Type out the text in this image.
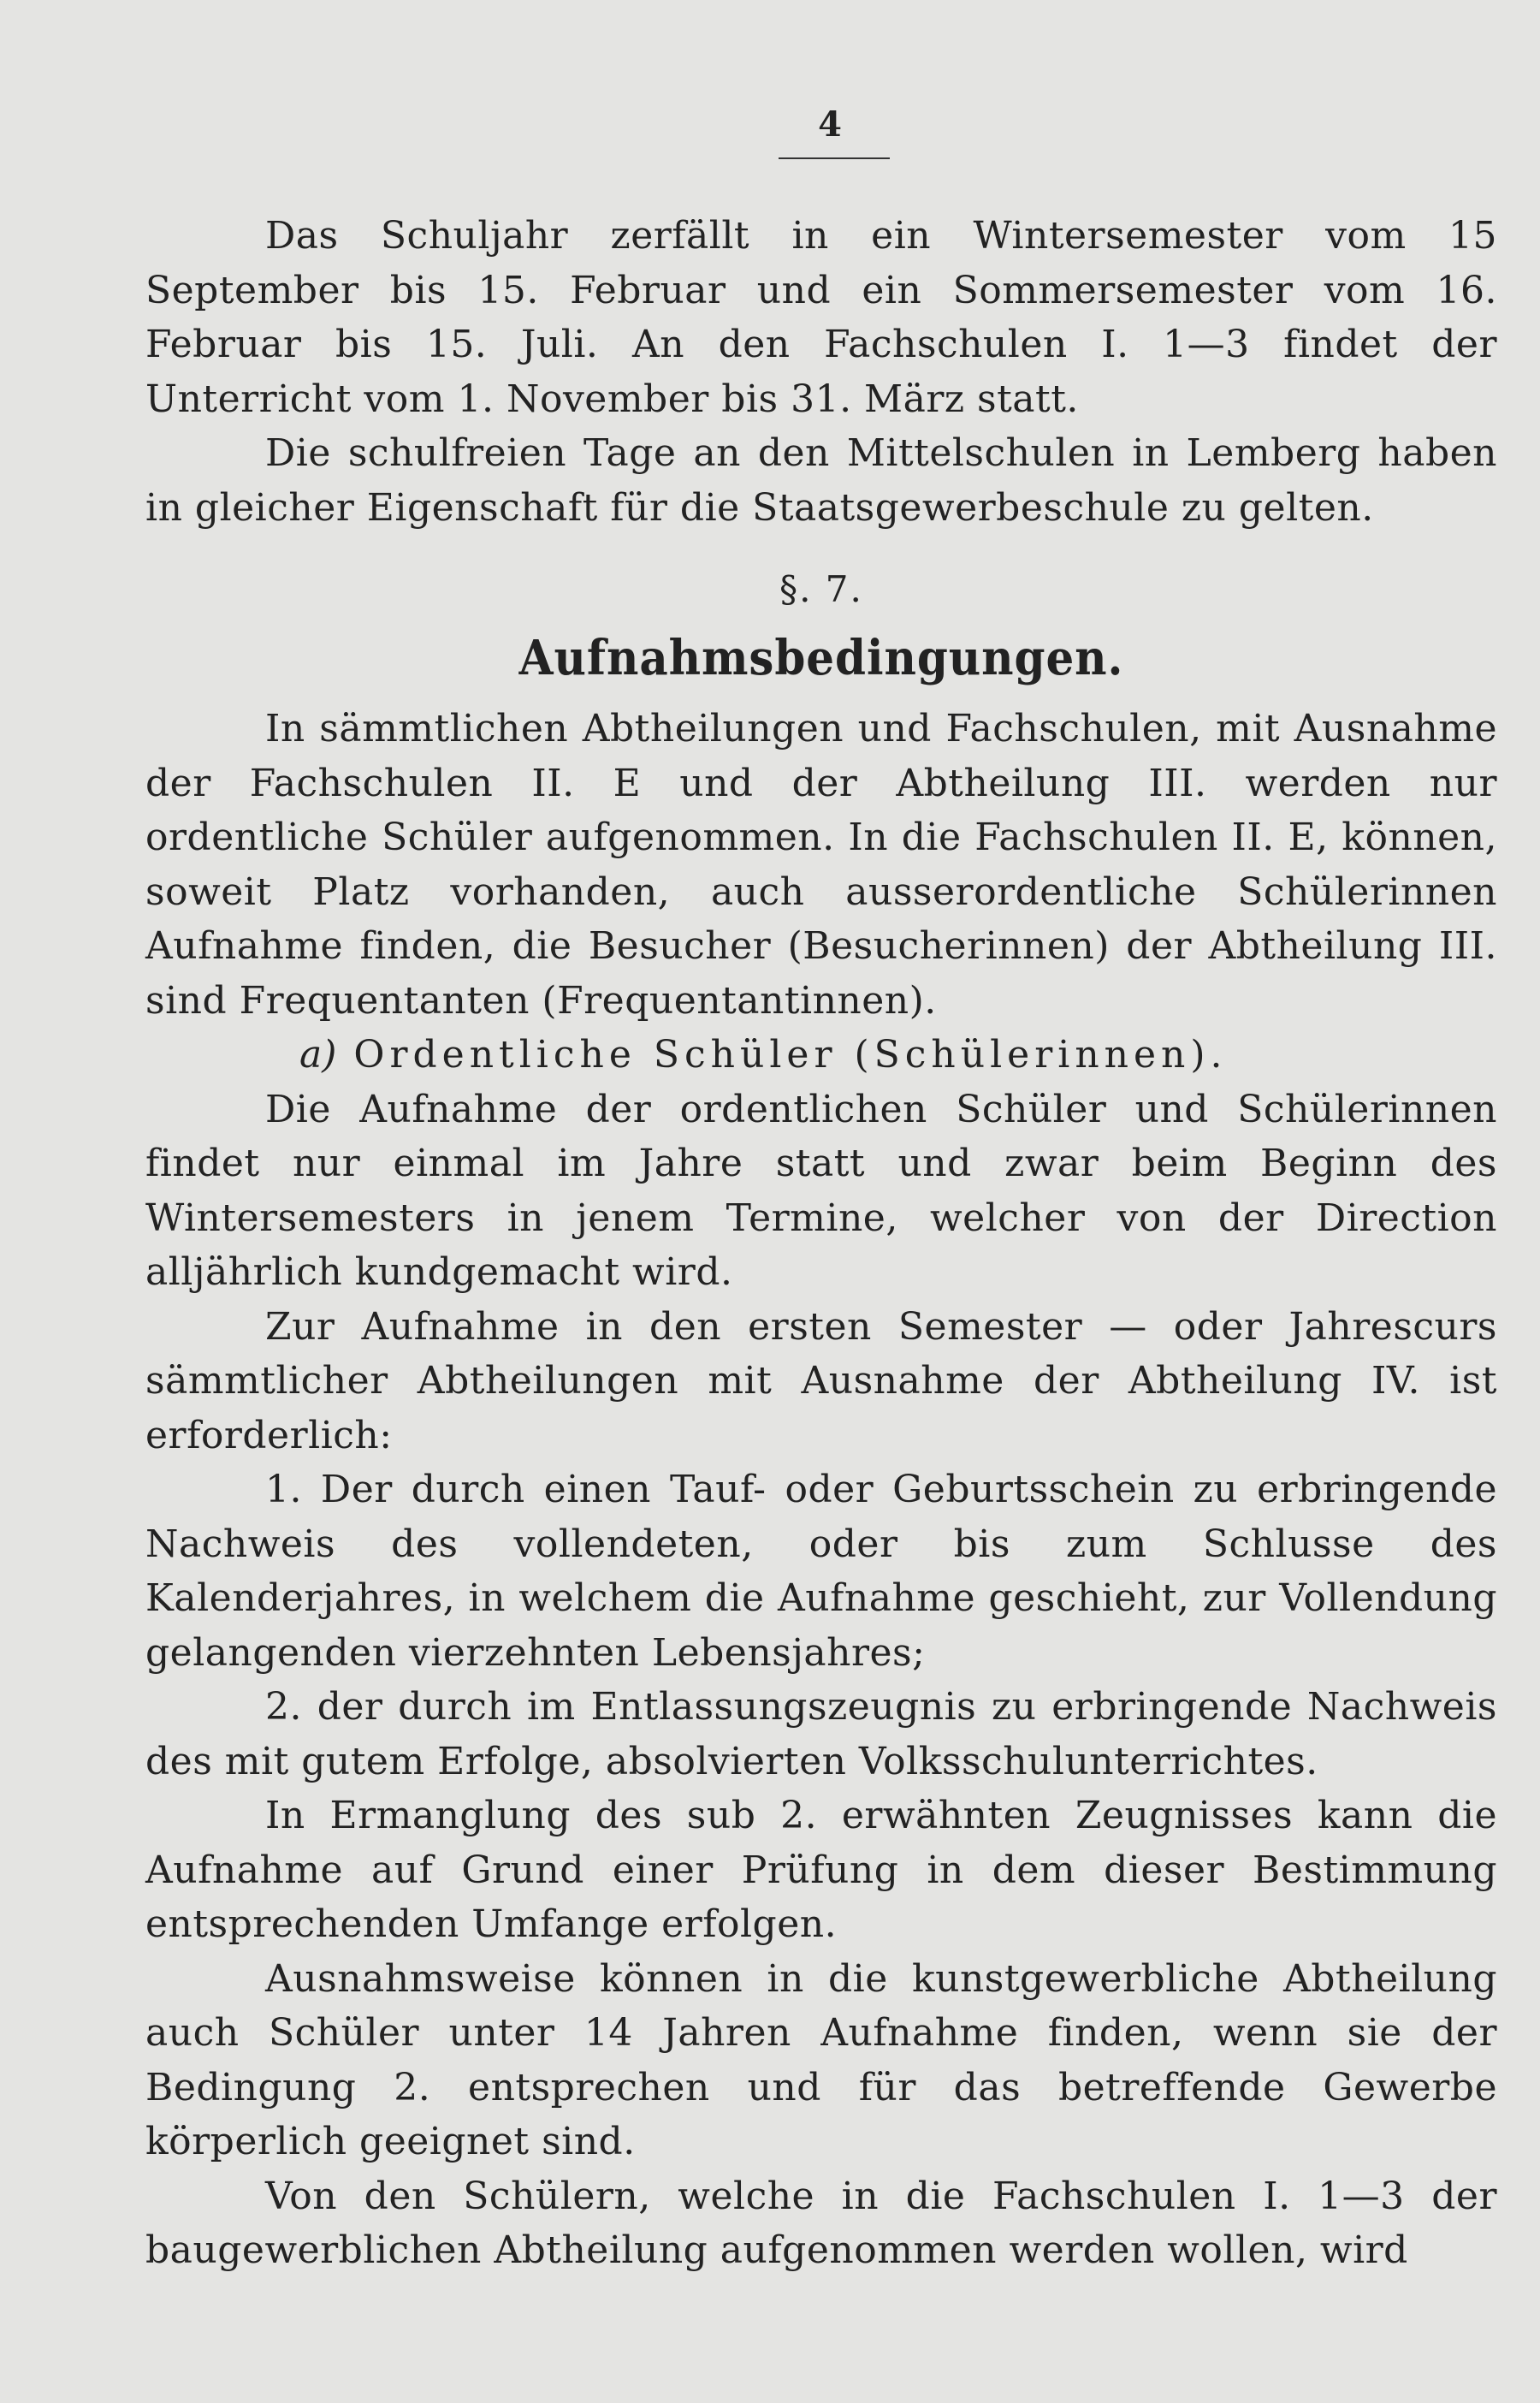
4

Das Schuljahr zerfällt in ein Wintersemester vom 15 September bis 15. Februar und ein Sommersemester vom 16. Februar bis 15. Juli. An den Fachschulen I. 1—3 findet der Unterricht vom 1. November bis 31. März statt.

Die schulfreien Tage an den Mittelschulen in Lemberg haben in gleicher Eigenschaft für die Staatsgewerbeschule zu gelten.

§. 7.
Aufnahmsbedingungen.

In sämmtlichen Abtheilungen und Fachschulen, mit Ausnahme der Fachschulen II. E und der Abtheilung III. werden nur ordentliche Schüler aufgenommen. In die Fachschulen II. E, können, soweit Platz vorhanden, auch ausserordentliche Schülerinnen Aufnahme finden, die Besucher (Besucherinnen) der Abtheilung III. sind Frequentanten (Frequentantinnen).

a) Ordentliche Schüler (Schülerinnen).

Die Aufnahme der ordentlichen Schüler und Schülerinnen findet nur einmal im Jahre statt und zwar beim Beginn des Wintersemesters in jenem Termine, welcher von der Direction alljährlich kundgemacht wird.

Zur Aufnahme in den ersten Semester — oder Jahrescurs sämmtlicher Abtheilungen mit Ausnahme der Abtheilung IV. ist erforderlich:

1. Der durch einen Tauf- oder Geburtsschein zu erbringende Nachweis des vollendeten, oder bis zum Schlusse des Kalenderjahres, in welchem die Aufnahme geschieht, zur Vollendung gelangenden vierzehnten Lebensjahres;

2. der durch im Entlassungszeugnis zu erbringende Nachweis des mit gutem Erfolge, absolvierten Volksschulunterrichtes.

In Ermanglung des sub 2. erwähnten Zeugnisses kann die Aufnahme auf Grund einer Prüfung in dem dieser Bestimmung entsprechenden Umfange erfolgen.

Ausnahmsweise können in die kunstgewerbliche Abtheilung auch Schüler unter 14 Jahren Aufnahme finden, wenn sie der Bedingung 2. entsprechen und für das betreffende Gewerbe körperlich geeignet sind.

Von den Schülern, welche in die Fachschulen I. 1—3 der baugewerblichen Abtheilung aufgenommen werden wollen, wird
